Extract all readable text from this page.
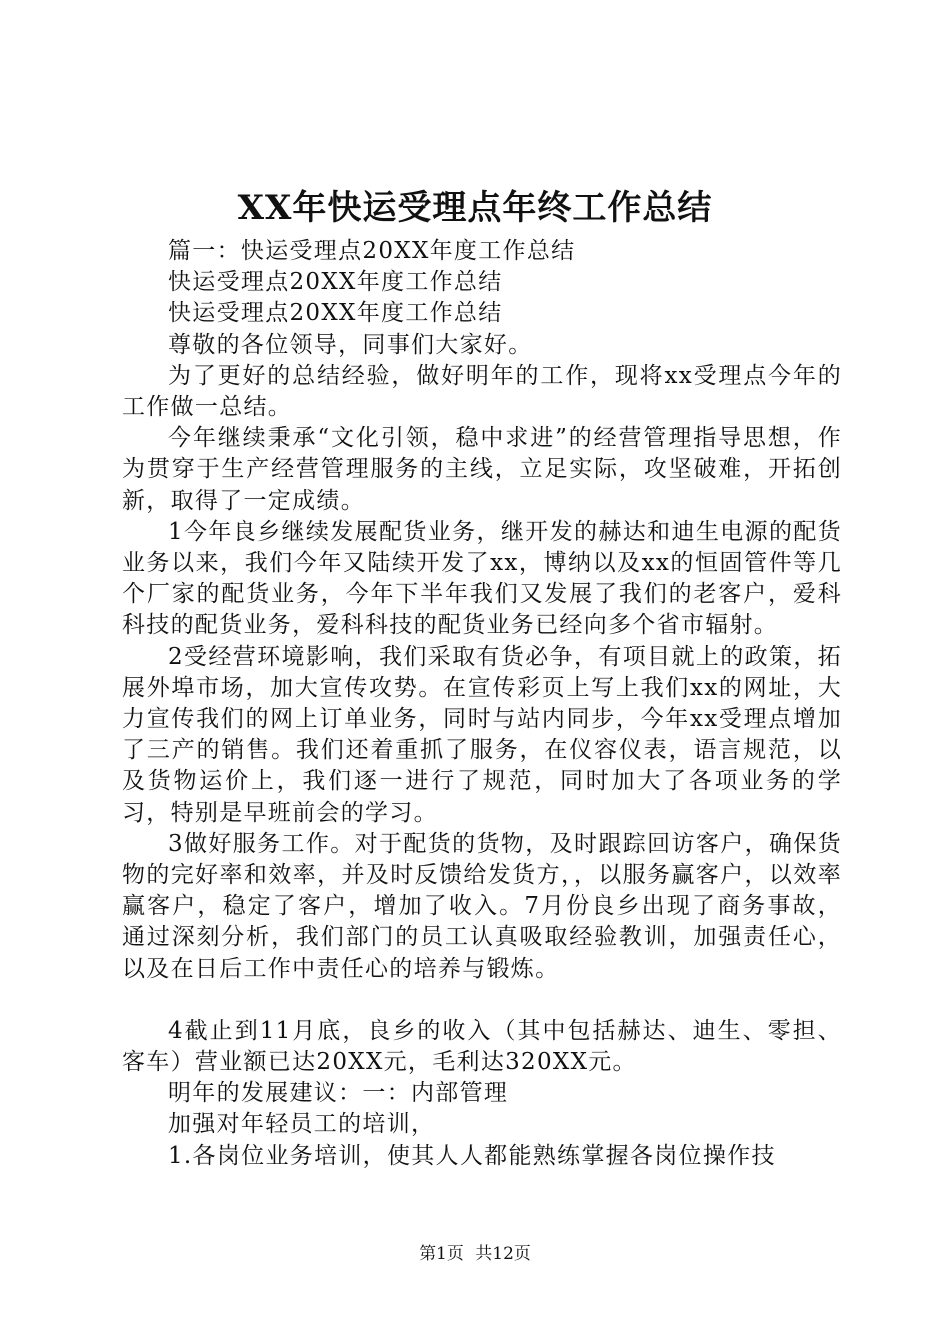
XX年快运受理点年终工作总结

篇一：快运受理点20XX年度工作总结

快运受理点20XX年度工作总结

快运受理点20XX年度工作总结

尊敬的各位领导，同事们大家好。

为了更好的总结经验，做好明年的工作，现将xx受理点今年的工作做一总结。

今年继续秉承“文化引领，稳中求进”的经营管理指导思想，作为贯穿于生产经营管理服务的主线，立足实际，攻坚破难，开拓创新，取得了一定成绩。

1今年良乡继续发展配货业务，继开发的赫达和迪生电源的配货业务以来，我们今年又陆续开发了xx，博纳以及xx的恒固管件等几个厂家的配货业务，今年下半年我们又发展了我们的老客户，爱科科技的配货业务，爱科科技的配货业务已经向多个省市辐射。

2受经营环境影响，我们采取有货必争，有项目就上的政策，拓展外埠市场，加大宣传攻势。在宣传彩页上写上我们xx的网址，大力宣传我们的网上订单业务，同时与站内同步，今年xx受理点增加了三产的销售。我们还着重抓了服务，在仪容仪表，语言规范，以及货物运价上，我们逐一进行了规范，同时加大了各项业务的学习，特别是早班前会的学习。

3做好服务工作。对于配货的货物，及时跟踪回访客户，确保货物的完好率和效率，并及时反馈给发货方，，以服务赢客户，以效率赢客户，稳定了客户，增加了收入。7月份良乡出现了商务事故，通过深刻分析，我们部门的员工认真吸取经验教训，加强责任心，以及在日后工作中责任心的培养与锻炼。

4截止到11月底，良乡的收入（其中包括赫达、迪生、零担、客车）营业额已达20XX元，毛利达320XX元。

明年的发展建议：一：内部管理

加强对年轻员工的培训，

1.各岗位业务培训，使其人人都能熟练掌握各岗位操作技

第1页 共12页
